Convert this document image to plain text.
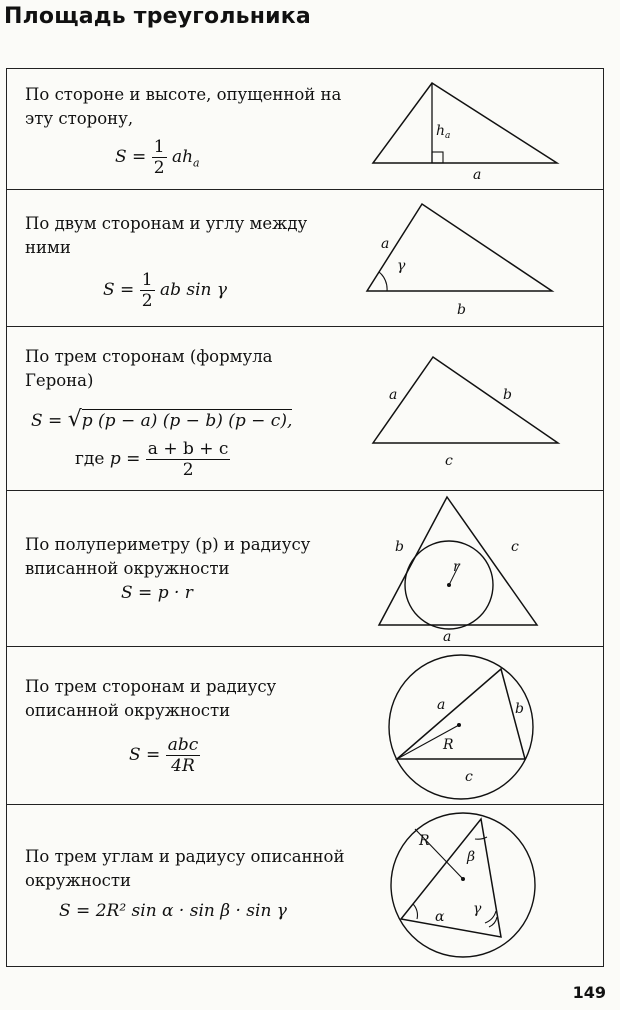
Площадь треугольника
По стороне и высоте, опущенной на эту сторону,
$S = \frac{1}{2} ah_a$
$h_a$
a
По двум сторонам и углу между ними
$S = \frac{1}{2}$ ab sin γ
a
γ
b
По трем сторонам (формула Герона)
S = √p (p − a) (p − b) (p − c),
где $p = \frac{a + b + c}{2}$
a	b
c
По полупериметру (p) и радиусу вписанной окружности
S = p · r
r
b	c
a
По трем сторонам и радиусу описанной окружности
$S = \frac{\text{abc}}{4R}$
a	b
c
R
По трем углам и радиусу описанной окружности
S = 2R² sin α · sin β · sin γ
R
α
β
γ
149
